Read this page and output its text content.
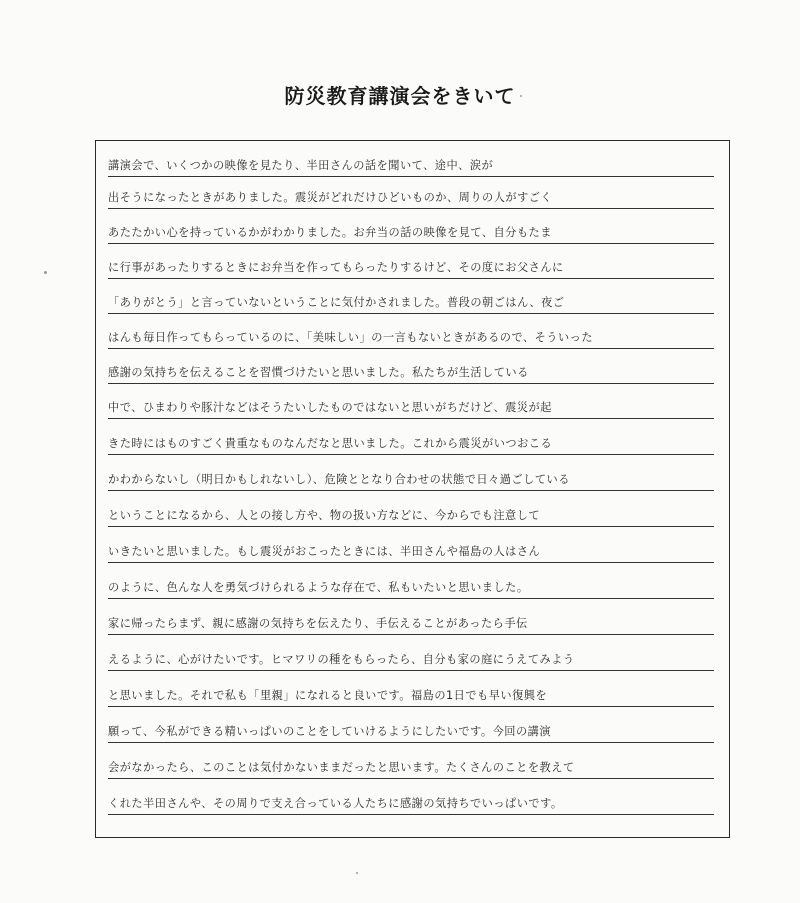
防災教育講演会をきいて
講演会で、いくつかの映像を見たり、半田さんの話を聞いて、途中、涙が
出そうになったときがありました。震災がどれだけひどいものか、周りの人がすごく
あたたかい心を持っているかがわかりました。お弁当の話の映像を見て、自分もたま
に行事があったりするときにお弁当を作ってもらったりするけど、その度にお父さんに
「ありがとう」と言っていないということに気付かされました。普段の朝ごはん、夜ご
はんも毎日作ってもらっているのに、「美味しい」の一言もないときがあるので、そういった
感謝の気持ちを伝えることを習慣づけたいと思いました。私たちが生活している
中で、ひまわりや豚汁などはそうたいしたものではないと思いがちだけど、震災が起
きた時にはものすごく貴重なものなんだなと思いました。これから震災がいつおこる
かわからないし（明日かもしれないし）、危険ととなり合わせの状態で日々過ごしている
ということになるから、人との接し方や、物の扱い方などに、今からでも注意して
いきたいと思いました。もし震災がおこったときには、半田さんや福島の人はさん
のように、色んな人を勇気づけられるような存在で、私もいたいと思いました。
家に帰ったらまず、親に感謝の気持ちを伝えたり、手伝えることがあったら手伝
えるように、心がけたいです。ヒマワリの種をもらったら、自分も家の庭にうえてみよう
と思いました。それで私も「里親」になれると良いです。福島の1日でも早い復興を
願って、今私ができる精いっぱいのことをしていけるようにしたいです。今回の講演
会がなかったら、このことは気付かないままだったと思います。たくさんのことを教えて
くれた半田さんや、その周りで支え合っている人たちに感謝の気持ちでいっぱいです。
